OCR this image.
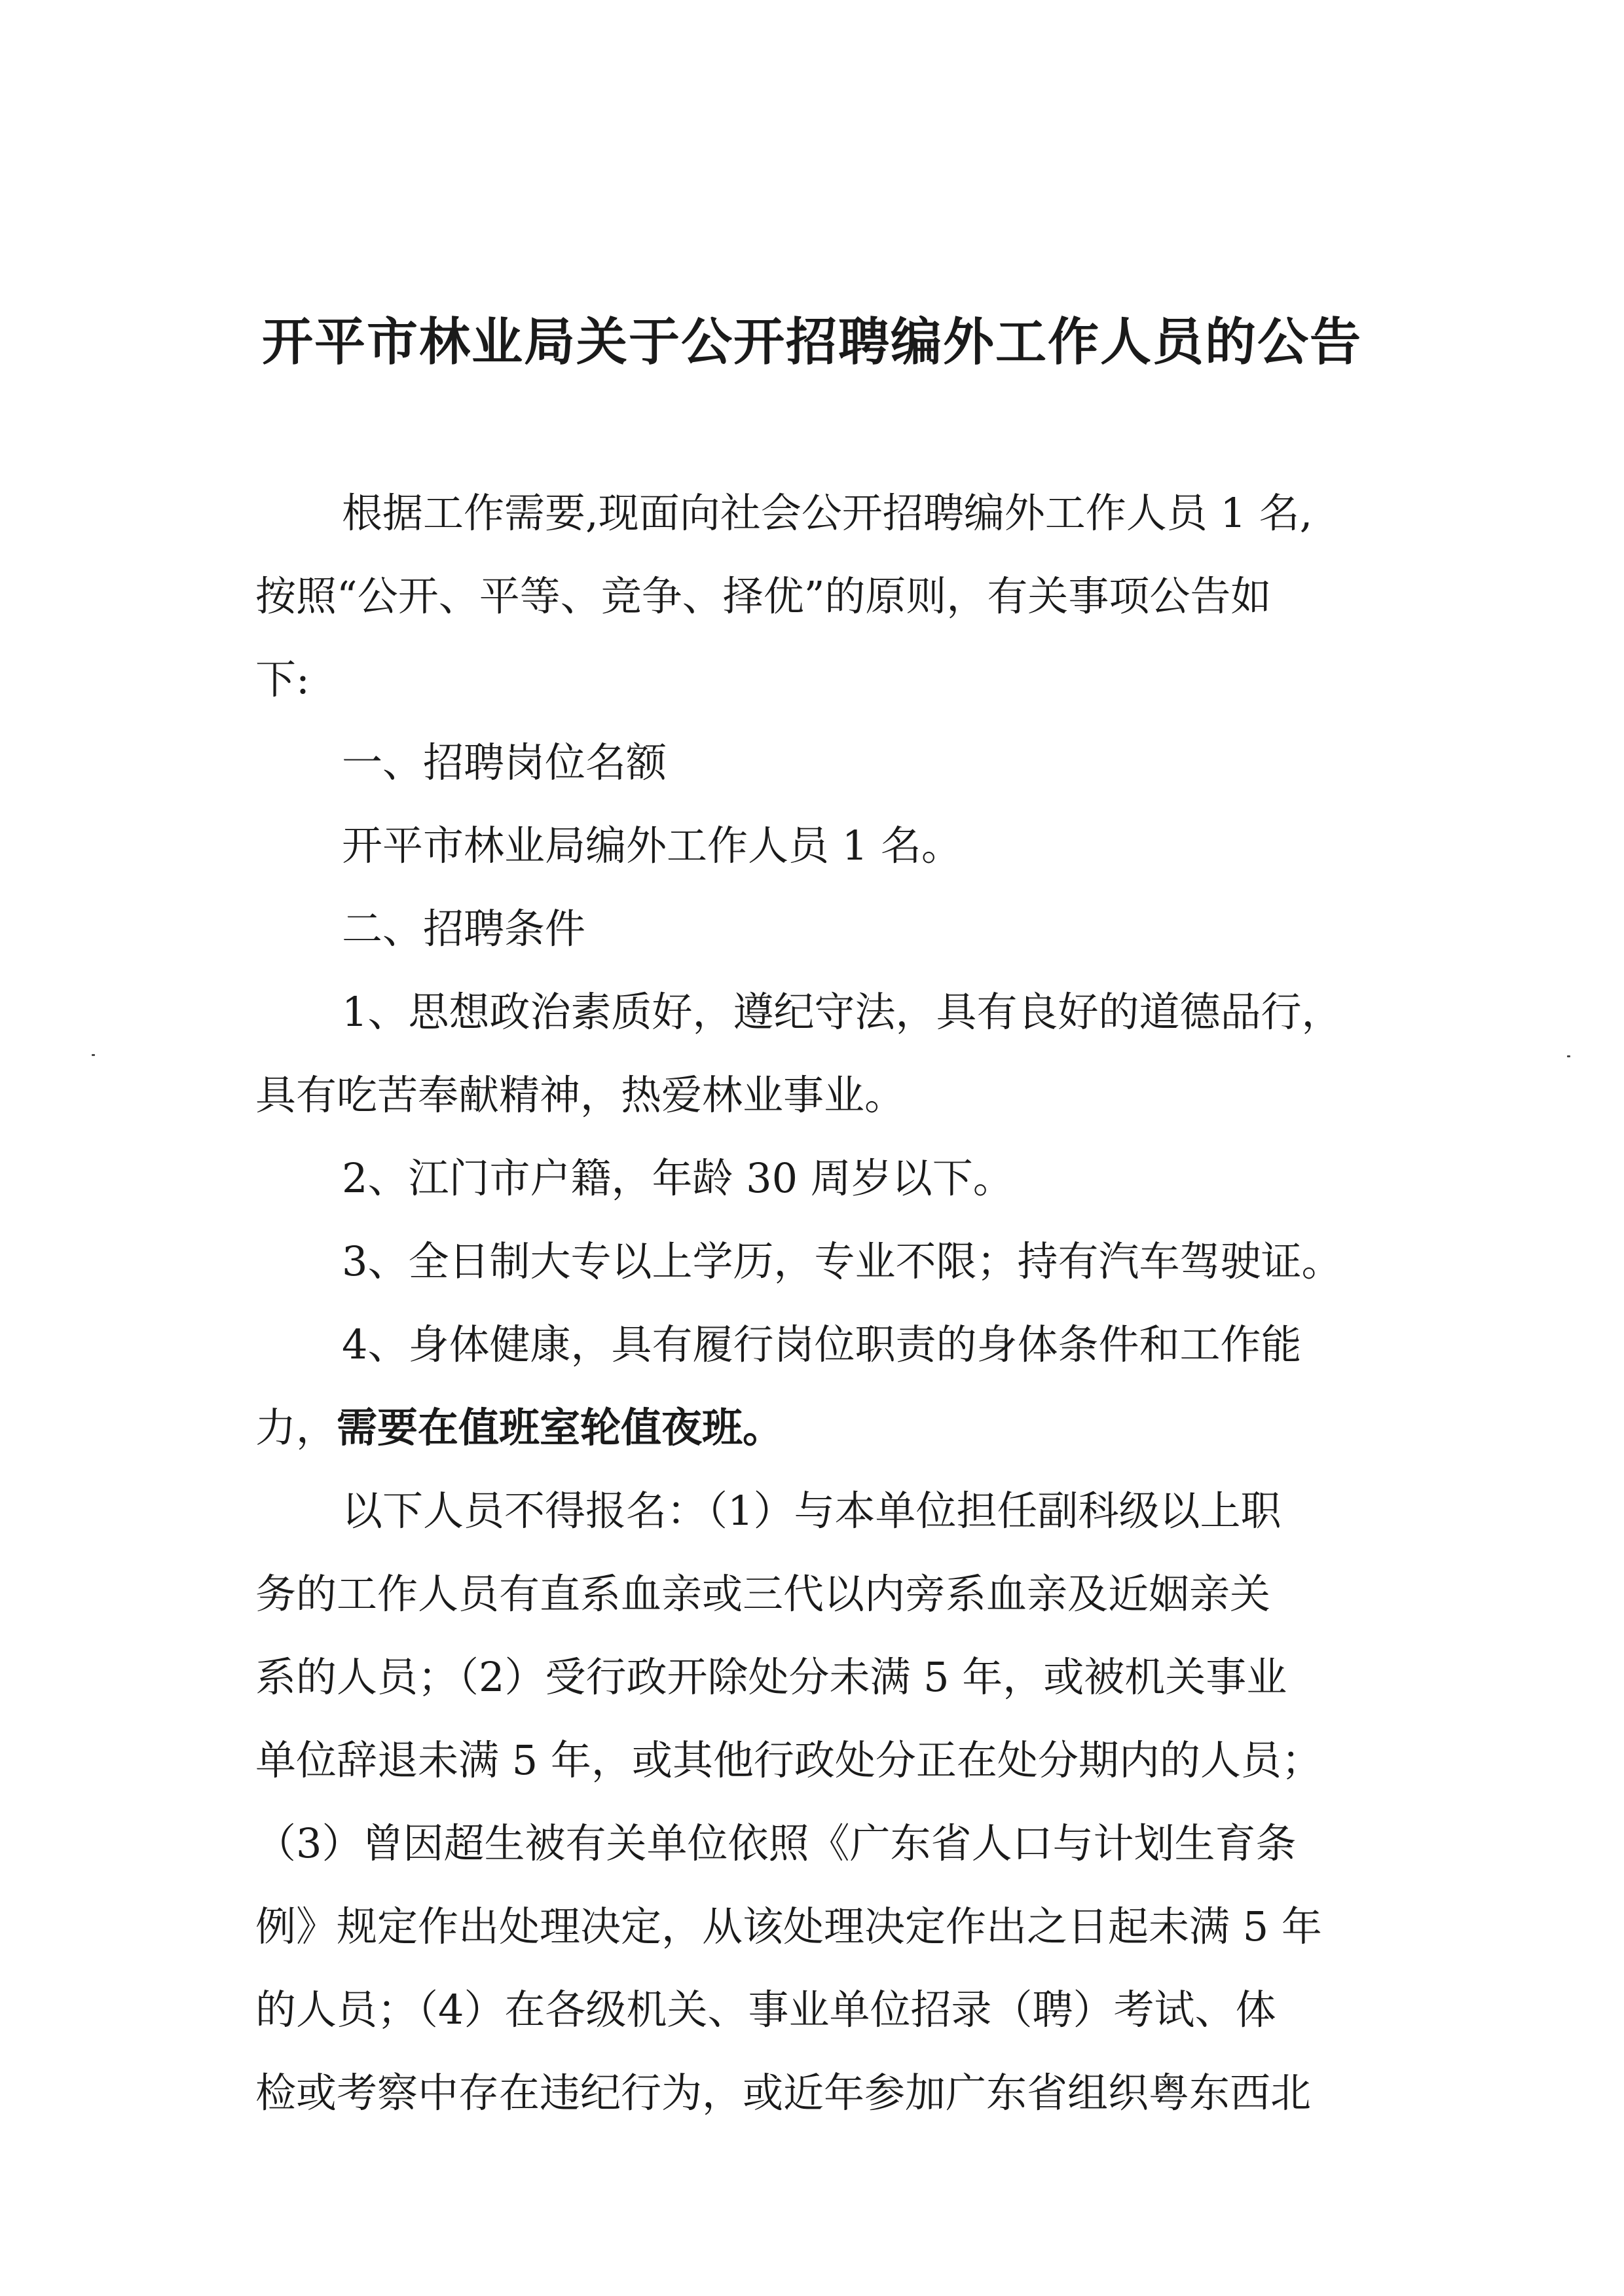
开平市林业局关于公开招聘编外工作人员的公告

根据工作需要,现面向社会公开招聘编外工作人员 1 名,

按照“公开、平等、竞争、择优”的原则，有关事项公告如

下:

一、招聘岗位名额

开平市林业局编外工作人员 1 名。

二、招聘条件

1、思想政治素质好，遵纪守法，具有良好的道德品行，

具有吃苦奉献精神，热爱林业事业。

2、江门市户籍，年龄 30 周岁以下。

3、全日制大专以上学历，专业不限；持有汽车驾驶证。

4、身体健康，具有履行岗位职责的身体条件和工作能

力，需要在值班室轮值夜班。

以下人员不得报名：（1）与本单位担任副科级以上职

务的工作人员有直系血亲或三代以内旁系血亲及近姻亲关

系的人员；（2）受行政开除处分未满 5 年，或被机关事业

单位辞退未满 5 年，或其他行政处分正在处分期内的人员；

（3）曾因超生被有关单位依照《广东省人口与计划生育条

例》规定作出处理决定，从该处理决定作出之日起未满 5 年

的人员；（4）在各级机关、事业单位招录（聘）考试、体

检或考察中存在违纪行为，或近年参加广东省组织粤东西北
